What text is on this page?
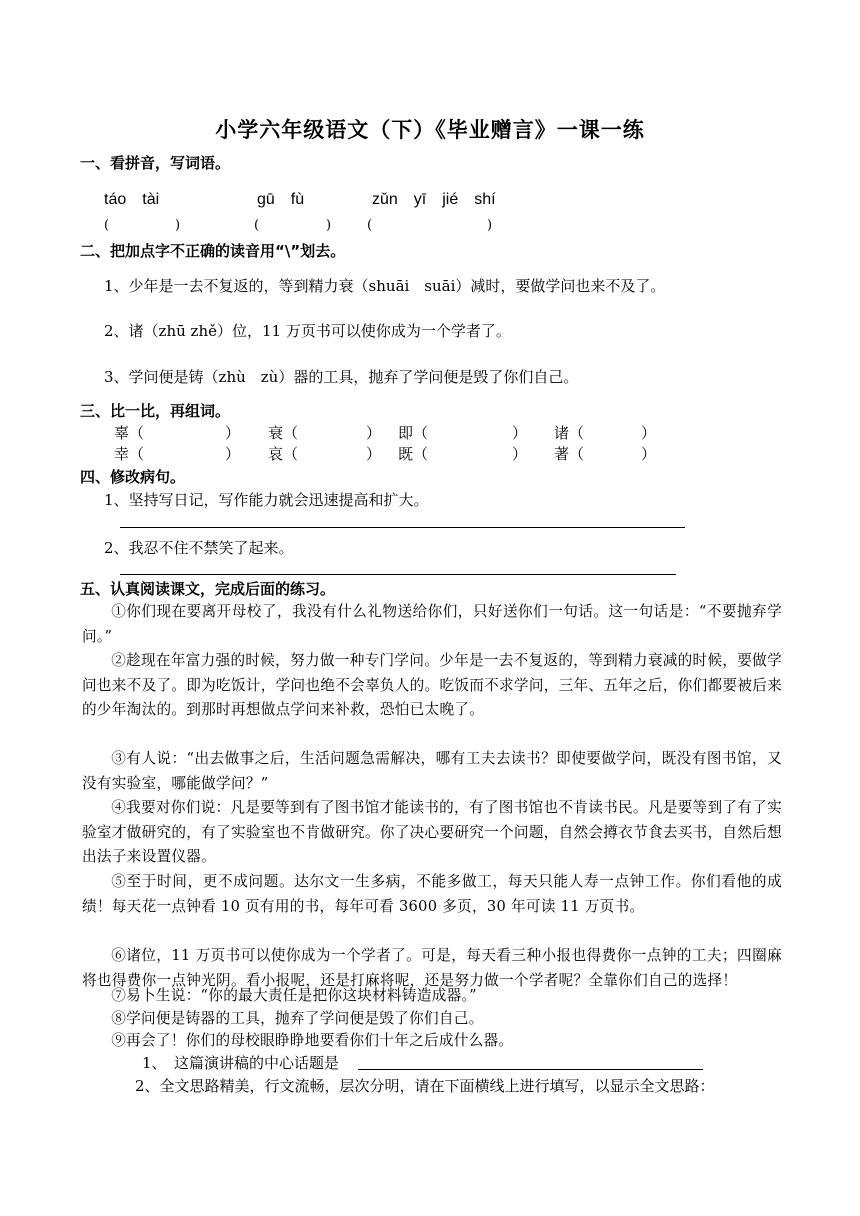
小学六年级语文（下）《毕业赠言》一课一练
一、看拼音，写词语。
táo　tài	gū　fù	zǔn　yī　jié　shí
(	)	(	)	(	)
二、把加点字不正确的读音用“\”划去。
1、少年是一去不复返的，等到精力衰（shuāi　suāi）减时，要做学问也来不及了。
2、诸（zhū zhě）位，11 万页书可以使你成为一个学者了。
3、学问便是铸（zhù　zù）器的工具，抛弃了学问便是毁了你们自己。
三、比一比，再组词。
辜（	） 衰（	） 即（	） 诸（	）
幸（	） 哀（	） 既（	） 著（	）
四、修改病句。
1、坚持写日记，写作能力就会迅速提高和扩大。
2、我忍不住不禁笑了起来。
五、认真阅读课文，完成后面的练习。
①你们现在要离开母校了，我没有什么礼物送给你们，只好送你们一句话。这一句话是：“不要抛弃学问。”
②趁现在年富力强的时候，努力做一种专门学问。少年是一去不复返的，等到精力衰减的时候，要做学问也来不及了。即为吃饭计，学问也绝不会辜负人的。吃饭而不求学问，三年、五年之后，你们都要被后来的少年淘汰的。到那时再想做点学问来补救，恐怕已太晚了。
③有人说：“出去做事之后，生活问题急需解决，哪有工夫去读书？即使要做学问，既没有图书馆，又没有实验室，哪能做学问？”
④我要对你们说：凡是要等到有了图书馆才能读书的，有了图书馆也不肯读书民。凡是要等到了有了实验室才做研究的，有了实验室也不肯做研究。你了决心要研究一个问题，自然会撙衣节食去买书，自然后想出法子来设置仪器。
⑤至于时间，更不成问题。达尔文一生多病，不能多做工，每天只能人寿一点钟工作。你们看他的成绩！每天花一点钟看 10 页有用的书，每年可看 3600 多页，30 年可读 11 万页书。
⑥诸位，11 万页书可以使你成为一个学者了。可是，每天看三种小报也得费你一点钟的工夫；四圈麻将也得费你一点钟光阴。看小报呢，还是打麻将呢，还是努力做一个学者呢？全靠你们自己的选择！
⑦易卜生说：“你的最大责任是把你这块材料铸造成器。”
⑧学问便是铸器的工具，抛弃了学问便是毁了你们自己。
⑨再会了！你们的母校眼睁睁地要看你们十年之后成什么器。
1、　这篇演讲稿的中心话题是
2、全文思路精美，行文流畅，层次分明，请在下面横线上进行填写，以显示全文思路：
